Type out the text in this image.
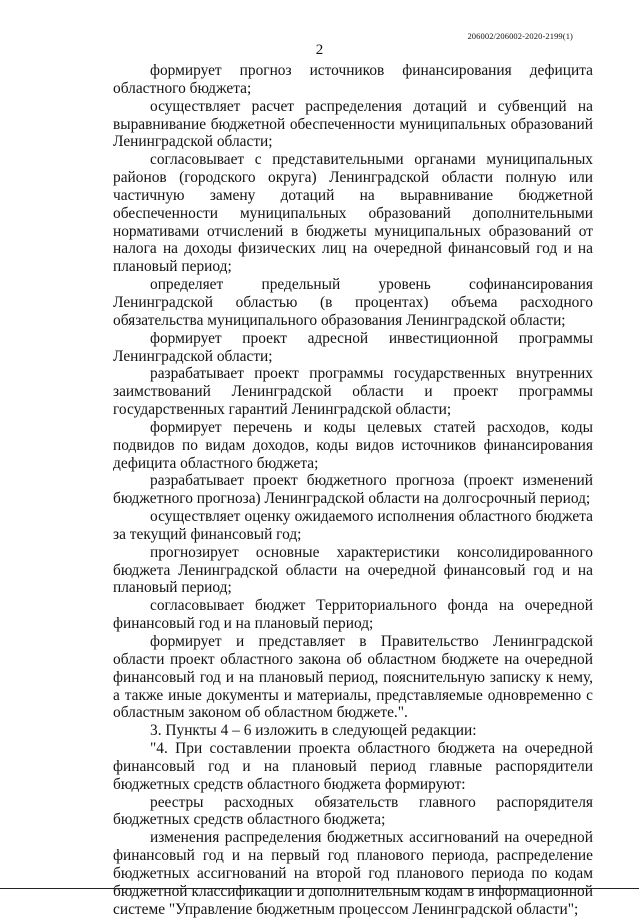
206002/206002-2020-2199(1)
2

формирует прогноз источников финансирования дефицита областного бюджета;

осуществляет расчет распределения дотаций и субвенций на выравнивание бюджетной обеспеченности муниципальных образований Ленинградской области;

согласовывает с представительными органами муниципальных районов (городского округа) Ленинградской области полную или частичную замену дотаций на выравнивание бюджетной обеспеченности муниципальных образований дополнительными нормативами отчислений в бюджеты муниципальных образований от налога на доходы физических лиц на очередной финансовый год и на плановый период;

определяет предельный уровень софинансирования Ленинградской областью (в процентах) объема расходного обязательства муниципального образования Ленинградской области;

формирует проект адресной инвестиционной программы Ленинградской области;

разрабатывает проект программы государственных внутренних заимствований Ленинградской области и проект программы государственных гарантий Ленинградской области;

формирует перечень и коды целевых статей расходов, коды подвидов по видам доходов, коды видов источников финансирования дефицита областного бюджета;

разрабатывает проект бюджетного прогноза (проект изменений бюджетного прогноза) Ленинградской области на долгосрочный период;

осуществляет оценку ожидаемого исполнения областного бюджета за текущий финансовый год;

прогнозирует основные характеристики консолидированного бюджета Ленинградской области на очередной финансовый год и на плановый период;

согласовывает бюджет Территориального фонда на очередной финансовый год и на плановый период;

формирует и представляет в Правительство Ленинградской области проект областного закона об областном бюджете на очередной финансовый год и на плановый период, пояснительную записку к нему, а также иные документы и материалы, представляемые одновременно с областным законом об областном бюджете.".

3. Пункты 4 – 6 изложить в следующей редакции:

"4. При составлении проекта областного бюджета на очередной финансовый год и на плановый период главные распорядители бюджетных средств областного бюджета формируют:

реестры расходных обязательств главного распорядителя бюджетных средств областного бюджета;

изменения распределения бюджетных ассигнований на очередной финансовый год и на первый год планового периода, распределение бюджетных ассигнований на второй год планового периода по кодам бюджетной классификации и дополнительным кодам в информационной системе "Управление бюджетным процессом Ленинградской области";
